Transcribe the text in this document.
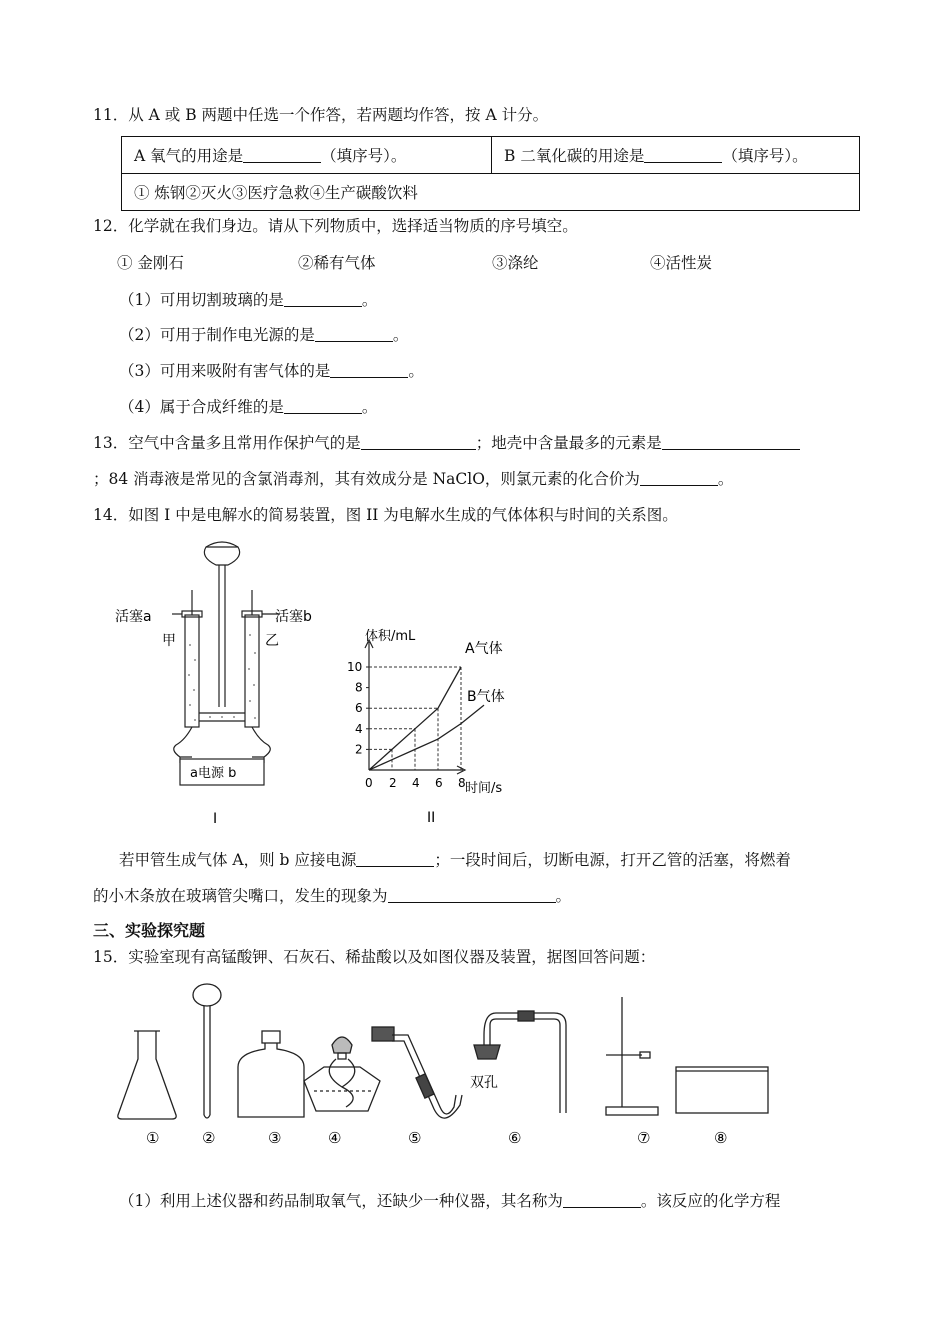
11．从 A 或 B 两题中任选一个作答，若两题均作答，按 A 计分。
A 氧气的用途是	（填序号）。	B 二氧化碳的用途是	（填序号）。
① 炼钢②灭火③医疗急救④生产碳酸饮料
12．化学就在我们身边。请从下列物质中，选择适当物质的序号填空。
① 金刚石	②稀有气体	③涤纶	④活性炭
（1）可用切割玻璃的是	。
（2）可用于制作电光源的是	。
（3）可用来吸附有害气体的是	。
（4）属于合成纤维的是	。
13．空气中含量多且常用作保护气的是	；地壳中含量最多的元素是
；84 消毒液是常见的含氯消毒剂，其有效成分是 NaClO，则氯元素的化合价为	。
14．如图 I 中是电解水的简易装置，图 II 为电解水生成的气体体积与时间的关系图。
活塞a	活塞b
甲	乙
a电源 b
I
2 4 6 8
2
4
6
8
10
体积/mL
时间/s
0
A气体
B气体
II
若甲管生成气体 A，则 b 应接电源	；一段时间后，切断电源，打开乙管的活塞，将燃着
的小木条放在玻璃管尖嘴口，发生的现象为	。
三、实验探究题
15．实验室现有高锰酸钾、石灰石、稀盐酸以及如图仪器及装置，据图回答问题：
双孔
①	②	③	④	⑤	⑥	⑦	⑧
（1）利用上述仪器和药品制取氧气，还缺少一种仪器，其名称为	。该反应的化学方程
